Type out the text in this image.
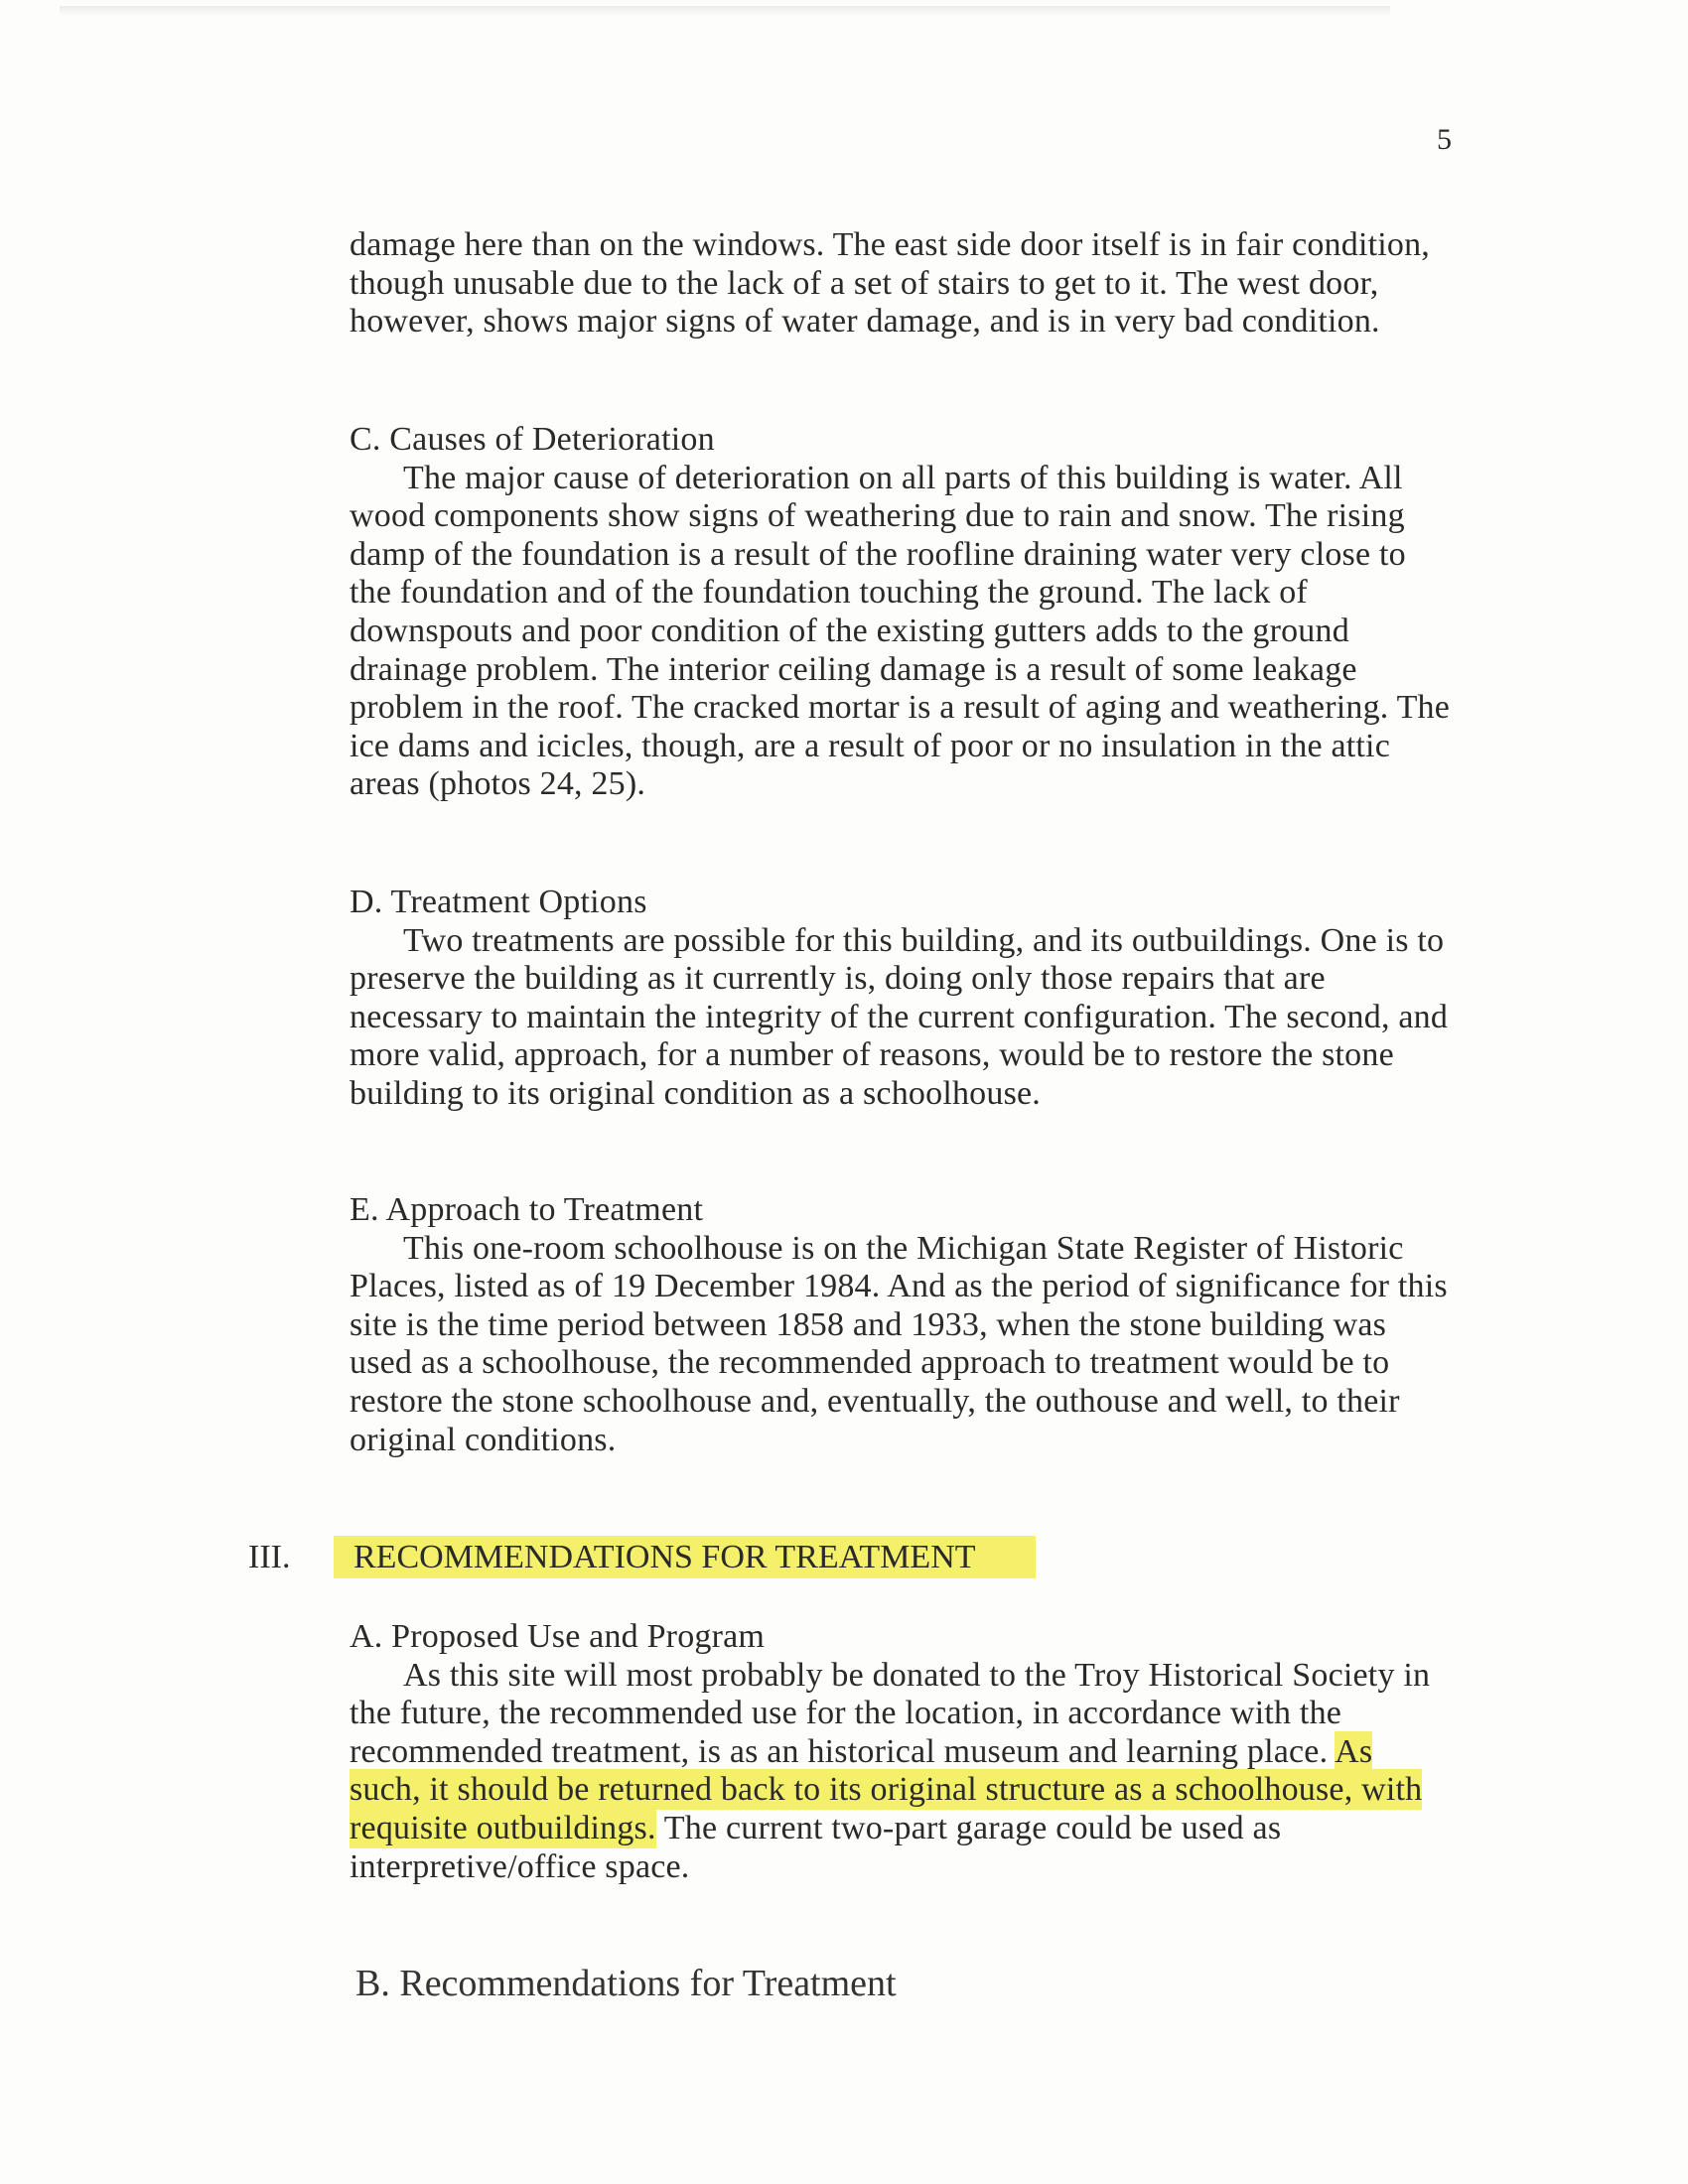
5

damage here than on the windows. The east side door itself is in fair condition, though unusable due to the lack of a set of stairs to get to it. The west door, however, shows major signs of water damage, and is in very bad condition.

C. Causes of Deterioration

The major cause of deterioration on all parts of this building is water. All wood components show signs of weathering due to rain and snow. The rising damp of the foundation is a result of the roofline draining water very close to the foundation and of the foundation touching the ground. The lack of downspouts and poor condition of the existing gutters adds to the ground drainage problem. The interior ceiling damage is a result of some leakage problem in the roof. The cracked mortar is a result of aging and weathering. The ice dams and icicles, though, are a result of poor or no insulation in the attic areas (photos 24, 25).

D. Treatment Options

Two treatments are possible for this building, and its outbuildings. One is to preserve the building as it currently is, doing only those repairs that are necessary to maintain the integrity of the current configuration. The second, and more valid, approach, for a number of reasons, would be to restore the stone building to its original condition as a schoolhouse.

E. Approach to Treatment

This one-room schoolhouse is on the Michigan State Register of Historic Places, listed as of 19 December 1984. And as the period of significance for this site is the time period between 1858 and 1933, when the stone building was used as a schoolhouse, the recommended approach to treatment would be to restore the stone schoolhouse and, eventually, the outhouse and well, to their original conditions.

III. RECOMMENDATIONS FOR TREATMENT

A. Proposed Use and Program

As this site will most probably be donated to the Troy Historical Society in the future, the recommended use for the location, in accordance with the recommended treatment, is as an historical museum and learning place. As such, it should be returned back to its original structure as a schoolhouse, with requisite outbuildings. The current two-part garage could be used as interpretive/office space.

B. Recommendations for Treatment
